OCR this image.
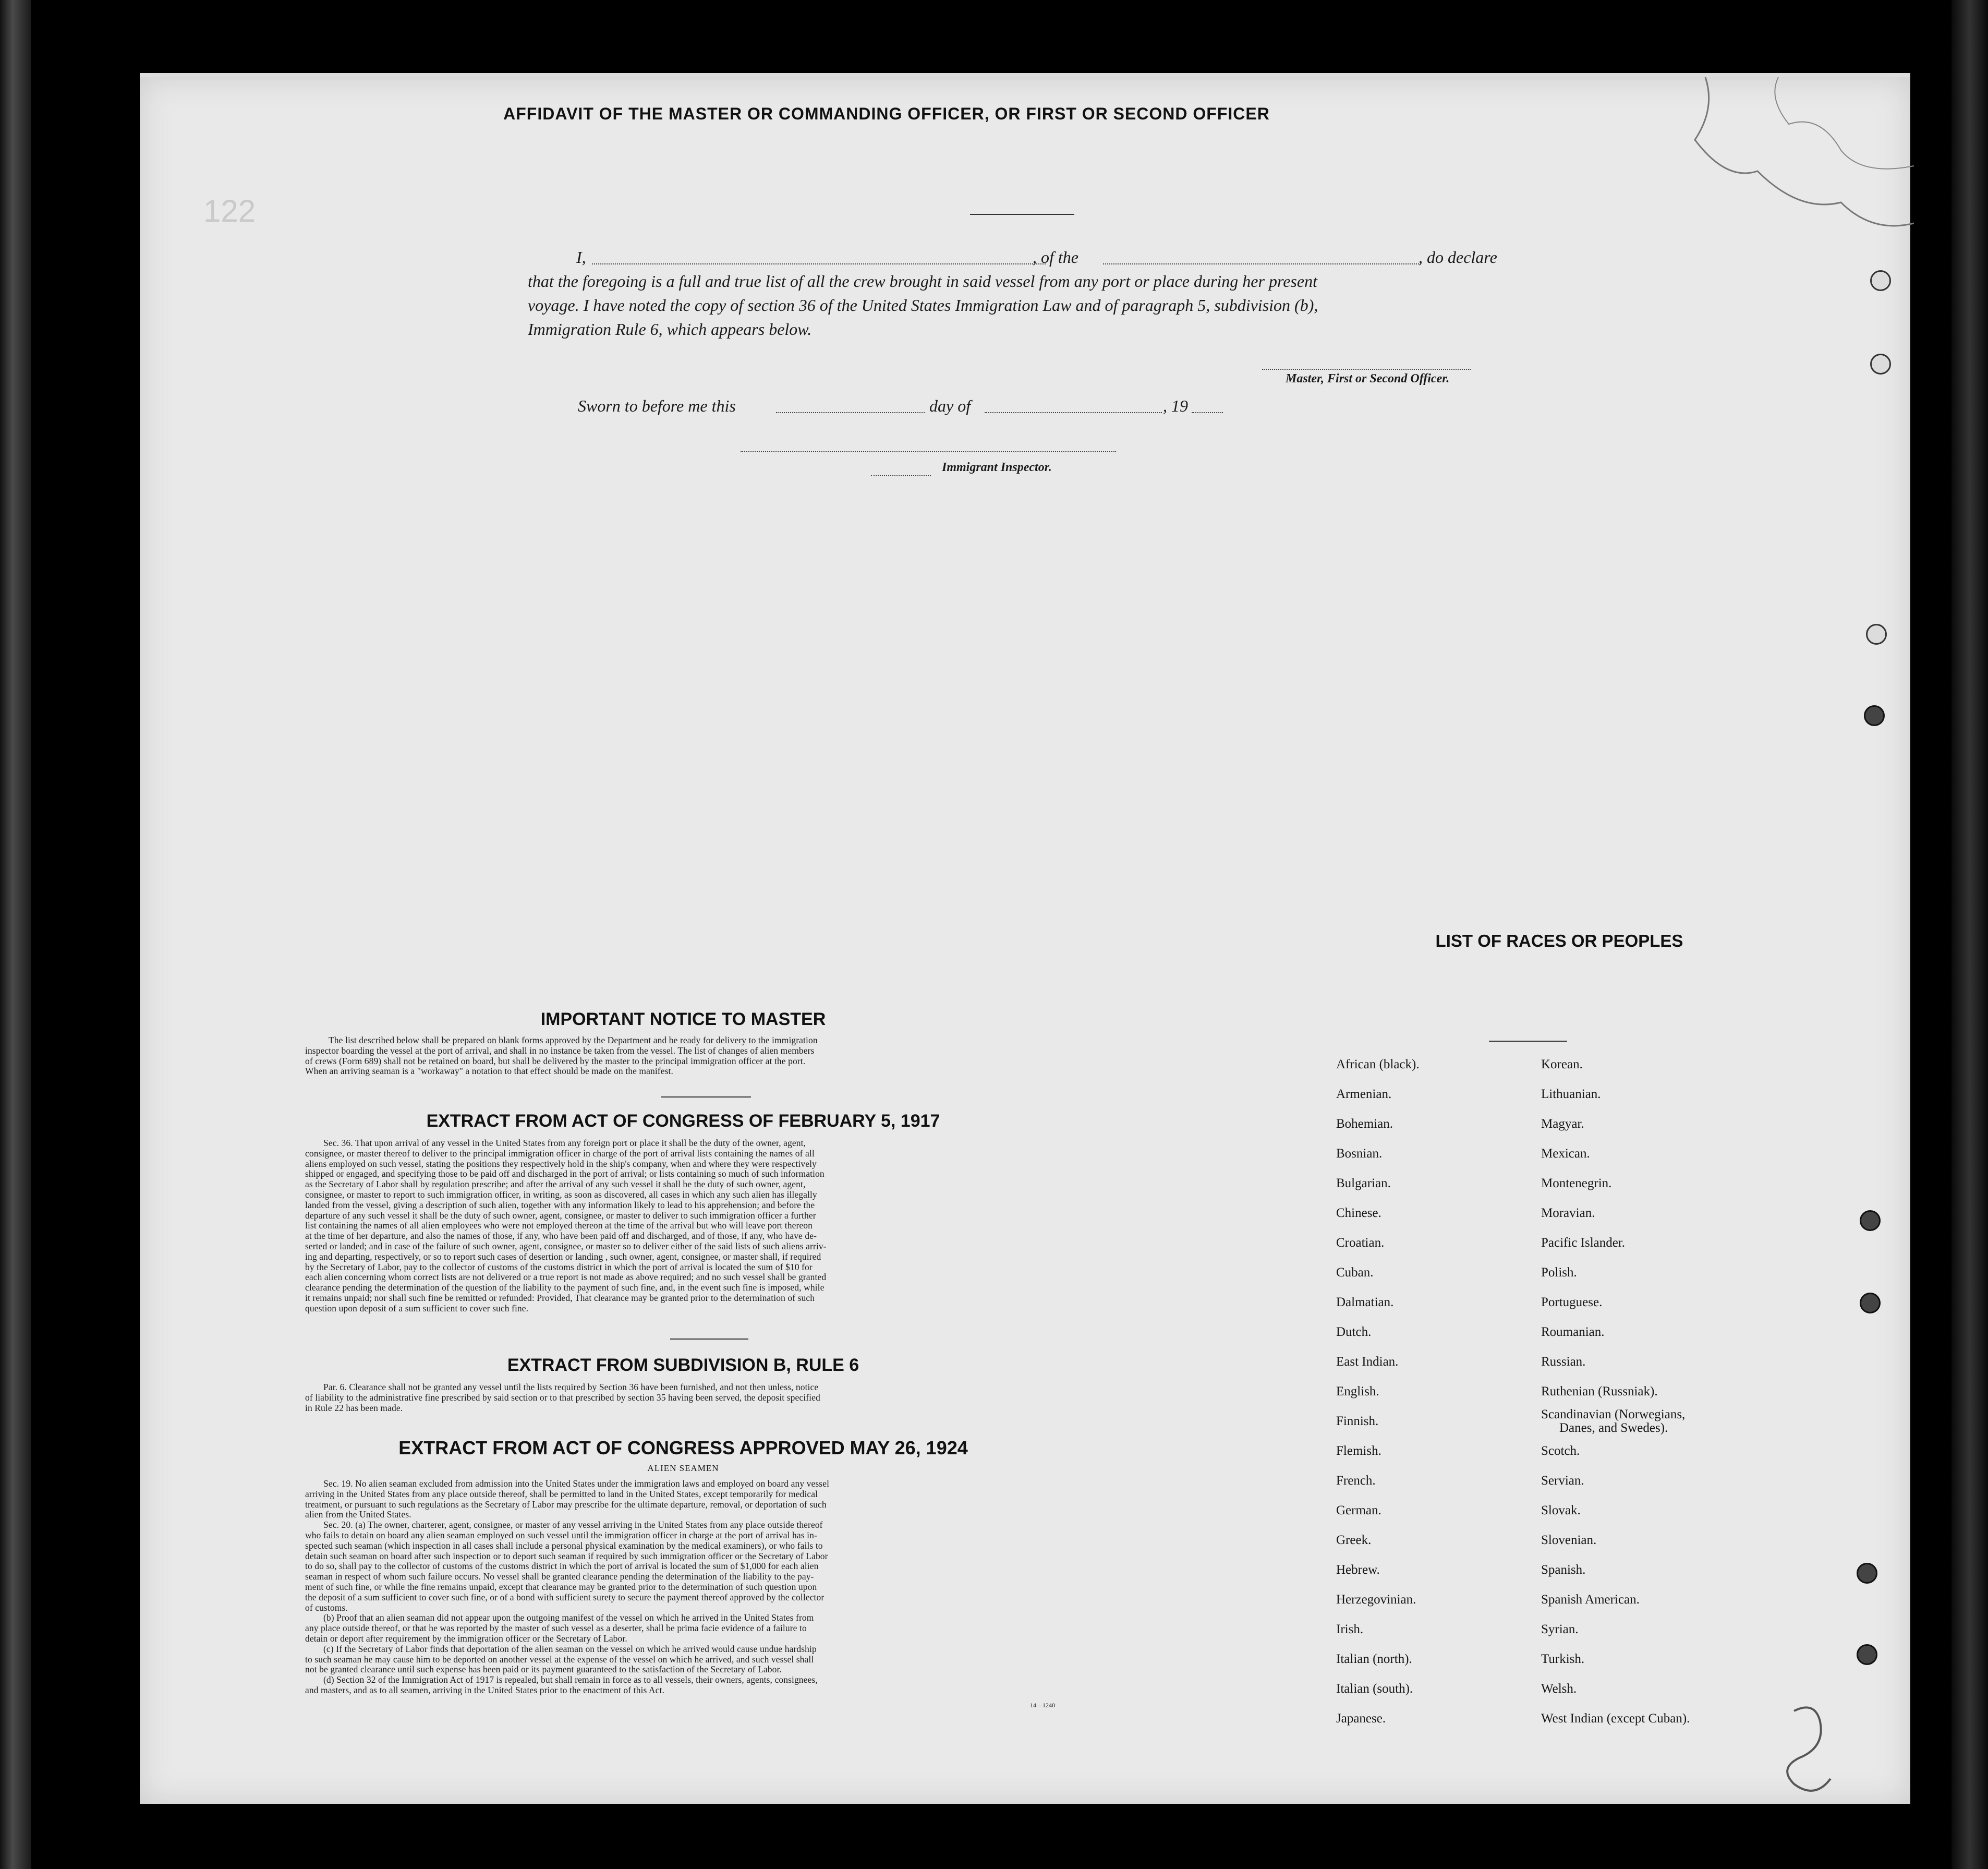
122
AFFIDAVIT OF THE MASTER OR COMMANDING OFFICER, OR FIRST OR SECOND OFFICER
I,	, of the	, do declare
that the foregoing is a full and true list of all the crew brought in said vessel from any port or place during her present
voyage. I have noted the copy of section 36 of the United States Immigration Law and of paragraph 5, subdivision (b),
Immigration Rule 6, which appears below.
Master, First or Second Officer.
Sworn to before me this	day of	, 19
Immigrant Inspector.
IMPORTANT NOTICE TO MASTER
The list described below shall be prepared on blank forms approved by the Department and be ready for delivery to the immigration
inspector boarding the vessel at the port of arrival, and shall in no instance be taken from the vessel. The list of changes of alien members
of crews (Form 689) shall not be retained on board, but shall be delivered by the master to the principal immigration officer at the port.
When an arriving seaman is a "workaway" a notation to that effect should be made on the manifest.
EXTRACT FROM ACT OF CONGRESS OF FEBRUARY 5, 1917
Sec. 36. That upon arrival of any vessel in the United States from any foreign port or place it shall be the duty of the owner, agent,
consignee, or master thereof to deliver to the principal immigration officer in charge of the port of arrival lists containing the names of all
aliens employed on such vessel, stating the positions they respectively hold in the ship's company, when and where they were respectively
shipped or engaged, and specifying those to be paid off and discharged in the port of arrival; or lists containing so much of such information
as the Secretary of Labor shall by regulation prescribe; and after the arrival of any such vessel it shall be the duty of such owner, agent,
consignee, or master to report to such immigration officer, in writing, as soon as discovered, all cases in which any such alien has illegally
landed from the vessel, giving a description of such alien, together with any information likely to lead to his apprehension; and before the
departure of any such vessel it shall be the duty of such owner, agent, consignee, or master to deliver to such immigration officer a further
list containing the names of all alien employees who were not employed thereon at the time of the arrival but who will leave port thereon
at the time of her departure, and also the names of those, if any, who have been paid off and discharged, and of those, if any, who have de-
serted or landed; and in case of the failure of such owner, agent, consignee, or master so to deliver either of the said lists of such aliens arriv-
ing and departing, respectively, or so to report such cases of desertion or landing , such owner, agent, consignee, or master shall, if required
by the Secretary of Labor, pay to the collector of customs of the customs district in which the port of arrival is located the sum of $10 for
each alien concerning whom correct lists are not delivered or a true report is not made as above required; and no such vessel shall be granted
clearance pending the determination of the question of the liability to the payment of such fine, and, in the event such fine is imposed, while
it remains unpaid; nor shall such fine be remitted or refunded: Provided, That clearance may be granted prior to the determination of such
question upon deposit of a sum sufficient to cover such fine.
EXTRACT FROM SUBDIVISION B, RULE 6
Par. 6. Clearance shall not be granted any vessel until the lists required by Section 36 have been furnished, and not then unless, notice
of liability to the administrative fine prescribed by said section or to that prescribed by section 35 having been served, the deposit specified
in Rule 22 has been made.
EXTRACT FROM ACT OF CONGRESS APPROVED MAY 26, 1924
ALIEN SEAMEN
Sec. 19. No alien seaman excluded from admission into the United States under the immigration laws and employed on board any vessel
arriving in the United States from any place outside thereof, shall be permitted to land in the United States, except temporarily for medical
treatment, or pursuant to such regulations as the Secretary of Labor may prescribe for the ultimate departure, removal, or deportation of such
alien from the United States.
Sec. 20. (a) The owner, charterer, agent, consignee, or master of any vessel arriving in the United States from any place outside thereof
who fails to detain on board any alien seaman employed on such vessel until the immigration officer in charge at the port of arrival has in-
spected such seaman (which inspection in all cases shall include a personal physical examination by the medical examiners), or who fails to
detain such seaman on board after such inspection or to deport such seaman if required by such immigration officer or the Secretary of Labor
to do so, shall pay to the collector of customs of the customs district in which the port of arrival is located the sum of $1,000 for each alien
seaman in respect of whom such failure occurs. No vessel shall be granted clearance pending the determination of the liability to the pay-
ment of such fine, or while the fine remains unpaid, except that clearance may be granted prior to the determination of such question upon
the deposit of a sum sufficient to cover such fine, or of a bond with sufficient surety to secure the payment thereof approved by the collector
of customs.
(b) Proof that an alien seaman did not appear upon the outgoing manifest of the vessel on which he arrived in the United States from
any place outside thereof, or that he was reported by the master of such vessel as a deserter, shall be prima facie evidence of a failure to
detain or deport after requirement by the immigration officer or the Secretary of Labor.
(c) If the Secretary of Labor finds that deportation of the alien seaman on the vessel on which he arrived would cause undue hardship
to such seaman he may cause him to be deported on another vessel at the expense of the vessel on which he arrived, and such vessel shall
not be granted clearance until such expense has been paid or its payment guaranteed to the satisfaction of the Secretary of Labor.
(d) Section 32 of the Immigration Act of 1917 is repealed, but shall remain in force as to all vessels, their owners, agents, consignees,
and masters, and as to all seamen, arriving in the United States prior to the enactment of this Act.
14—1240
LIST OF RACES OR PEOPLES
African (black).
Armenian.
Bohemian.
Bosnian.
Bulgarian.
Chinese.
Croatian.
Cuban.
Dalmatian.
Dutch.
East Indian.
English.
Finnish.
Flemish.
French.
German.
Greek.
Hebrew.
Herzegovinian.
Irish.
Italian (north).
Italian (south).
Japanese.
Korean.
Lithuanian.
Magyar.
Mexican.
Montenegrin.
Moravian.
Pacific Islander.
Polish.
Portuguese.
Roumanian.
Russian.
Ruthenian (Russniak).
Scandinavian (Norwegians,
Danes, and Swedes).
Scotch.
Servian.
Slovak.
Slovenian.
Spanish.
Spanish American.
Syrian.
Turkish.
Welsh.
West Indian (except Cuban).
